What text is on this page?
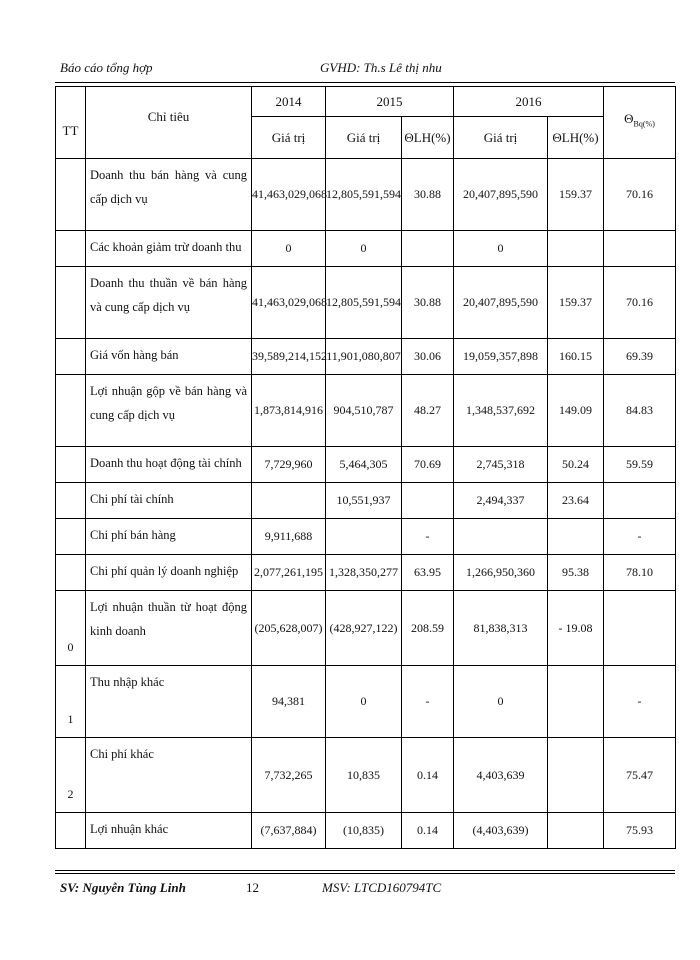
Báo cáo tổng hợp	GVHD: Th.s Lê thị nhu
TT	Chỉ tiêu	2014	2015		2016		$\Theta_{Bq(\%)}$
		Giá trị	Giá trị	ΘLH(%)	Giá trị	ΘLH(%)	
	Doanh thu bán hàng và cung cấp dịch vụ	41,463,029,068	12,805,591,594	30.88	20,407,895,590	159.37	70.16
	Các khoản giảm trừ doanh thu	0	0		0		
	Doanh thu thuần về bán hàng và cung cấp dịch vụ	41,463,029,068	12,805,591,594	30.88	20,407,895,590	159.37	70.16
	Giá vốn hàng bán	39,589,214,152	11,901,080,807	30.06	19,059,357,898	160.15	69.39
	Lợi nhuận gộp về bán hàng và cung cấp dịch vụ	1,873,814,916	904,510,787	48.27	1,348,537,692	149.09	84.83
	Doanh thu hoạt động tài chính	7,729,960	5,464,305	70.69	2,745,318	50.24	59.59
	Chi phí tài chính		10,551,937		2,494,337	23.64	
	Chi phí bán hàng	9,911,688		-			-
	Chi phí quản lý doanh nghiệp	2,077,261,195	1,328,350,277	63.95	1,266,950,360	95.38	78.10
0	Lợi nhuận thuần từ hoạt động kinh doanh	(205,628,007)	(428,927,122)	208.59	81,838,313	- 19.08	
1	Thu nhập khác	94,381	0	-	0		-
2	Chi phí khác	7,732,265	10,835	0.14	4,403,639		75.47
	Lợi nhuận khác	(7,637,884)	(10,835)	0.14	(4,403,639)		75.93
SV: Nguyễn Tùng Linh	12	MSV: LTCD160794TC
